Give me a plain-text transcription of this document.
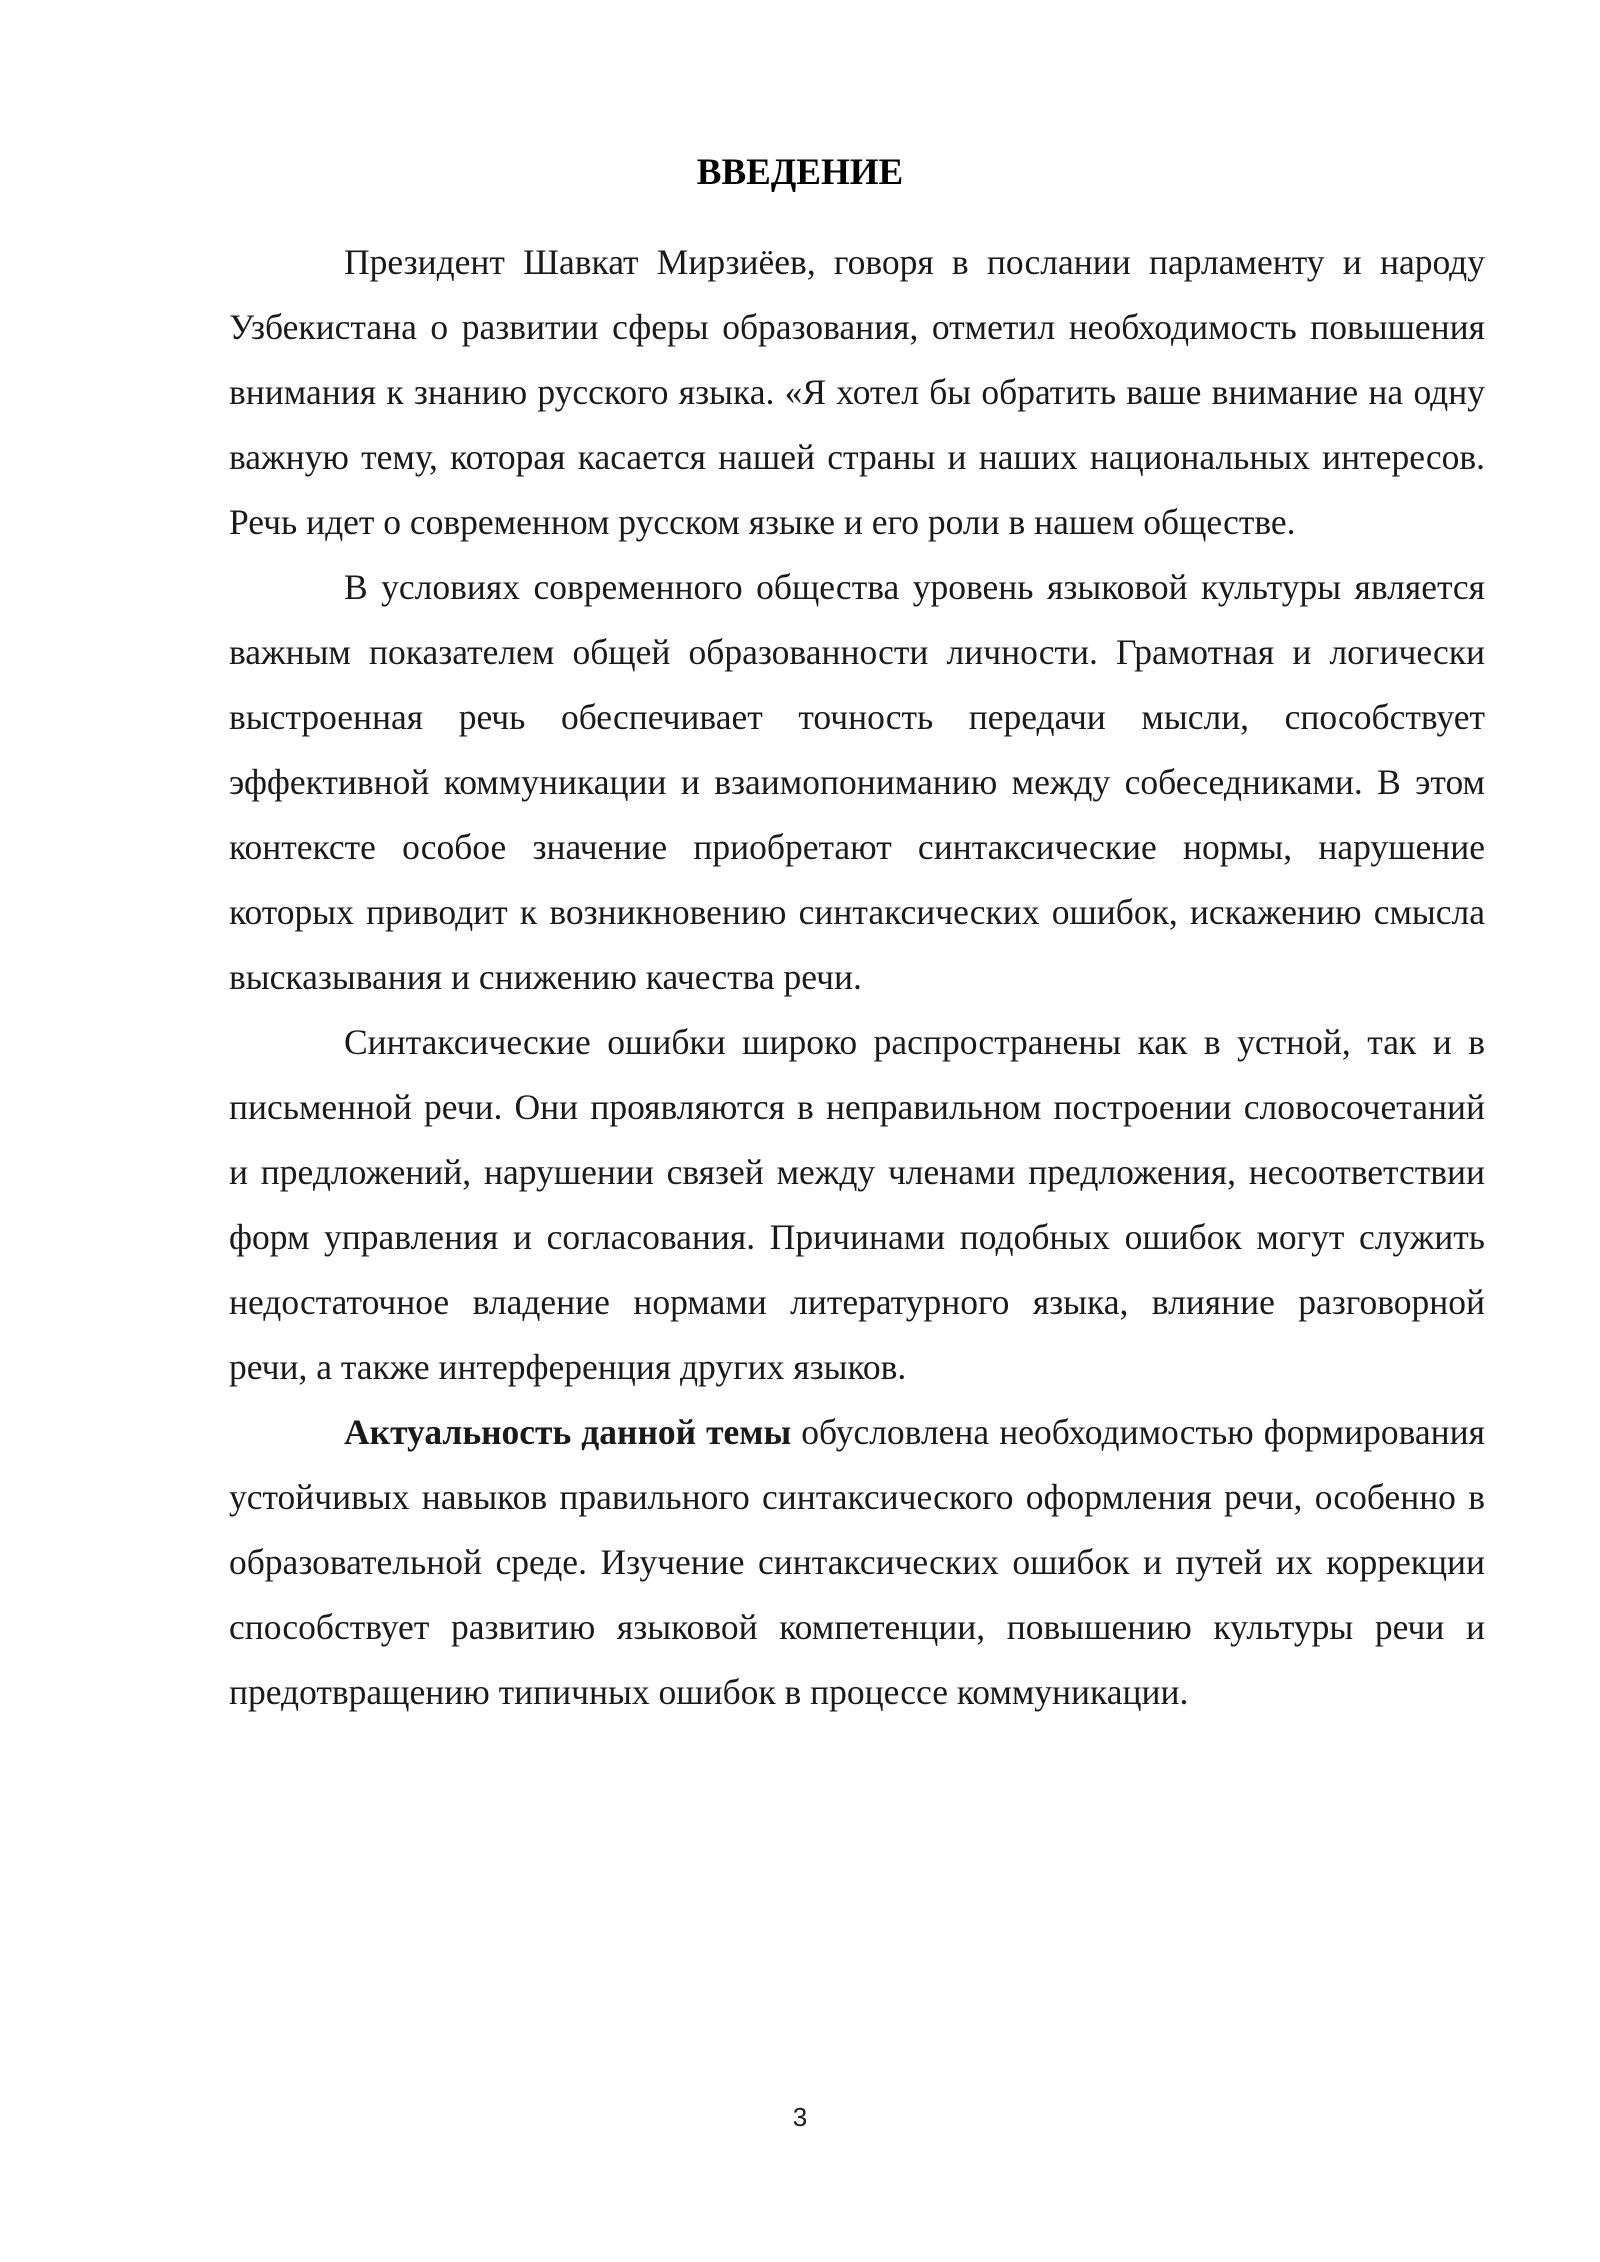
ВВЕДЕНИЕ

Президент Шавкат Мирзиёев, говоря в послании парламенту и народу Узбекистана о развитии сферы образования, отметил необходимость повышения внимания к знанию русского языка. «Я хотел бы обратить ваше внимание на одну важную тему, которая касается нашей страны и наших национальных интересов. Речь идет о современном русском языке и его роли в нашем обществе.

В условиях современного общества уровень языковой культуры является важным показателем общей образованности личности. Грамотная и логически выстроенная речь обеспечивает точность передачи мысли, способствует эффективной коммуникации и взаимопониманию между собеседниками. В этом контексте особое значение приобретают синтаксические нормы, нарушение которых приводит к возникновению синтаксических ошибок, искажению смысла высказывания и снижению качества речи.

Синтаксические ошибки широко распространены как в устной, так и в письменной речи. Они проявляются в неправильном построении словосочетаний и предложений, нарушении связей между членами предложения, несоответствии форм управления и согласования. Причинами подобных ошибок могут служить недостаточное владение нормами литературного языка, влияние разговорной речи, а также интерференция других языков.

Актуальность данной темы обусловлена необходимостью формирования устойчивых навыков правильного синтаксического оформления речи, особенно в образовательной среде. Изучение синтаксических ошибок и путей их коррекции способствует развитию языковой компетенции, повышению культуры речи и предотвращению типичных ошибок в процессе коммуникации.

3
